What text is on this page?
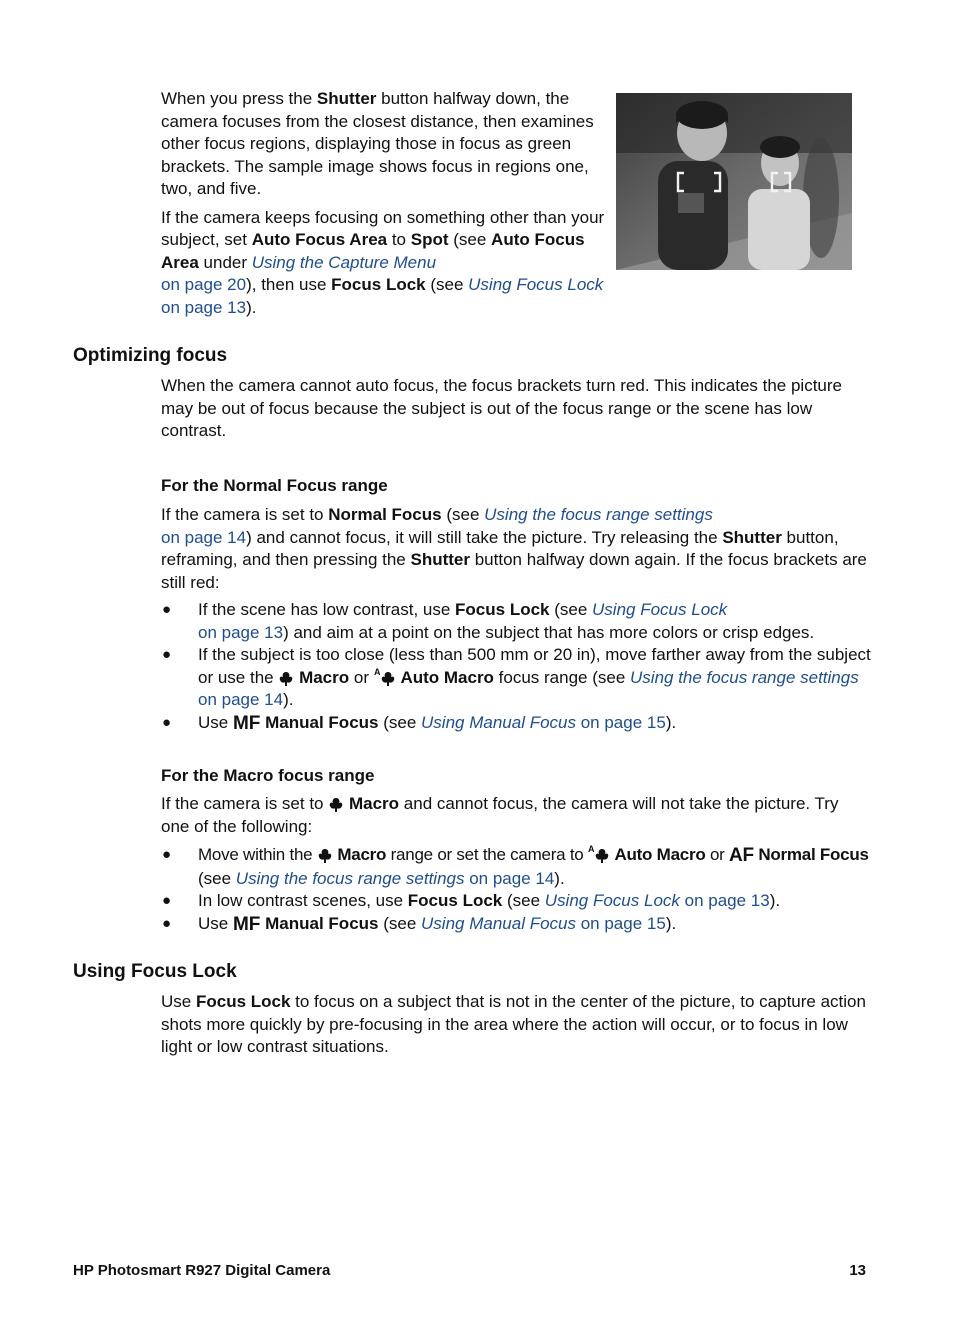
When you press the Shutter button halfway down, the camera focuses from the closest distance, then examines other focus regions, displaying those in focus as green brackets. The sample image shows focus in regions one, two, and five.

If the camera keeps focusing on something other than your subject, set Auto Focus Area to Spot (see Auto Focus Area under Using the Capture Menu
on page 20), then use Focus Lock (see Using Focus Lock on page 13).

Optimizing focus

When the camera cannot auto focus, the focus brackets turn red. This indicates the picture may be out of focus because the subject is out of the focus range or the scene has low contrast.

For the Normal Focus range

If the camera is set to Normal Focus (see Using the focus range settings
on page 14) and cannot focus, it will still take the picture. Try releasing the Shutter button, reframing, and then pressing the Shutter button halfway down again. If the focus brackets are still red:

● If the scene has low contrast, use Focus Lock (see Using Focus Lock
on page 13) and aim at a point on the subject that has more colors or crisp edges.
● If the subject is too close (less than 500 mm or 20 in), move farther away from the subject or use the  Macro or A Auto Macro focus range (see Using the focus range settings on page 14).
● Use MF Manual Focus (see Using Manual Focus on page 15).
For the Macro focus range

If the camera is set to  Macro and cannot focus, the camera will not take the picture. Try one of the following:

● Move within the  Macro range or set the camera to A Auto Macro or AF Normal Focus (see Using the focus range settings on page 14).
● In low contrast scenes, use Focus Lock (see Using Focus Lock on page 13).
● Use MF Manual Focus (see Using Manual Focus on page 15).
Using Focus Lock

Use Focus Lock to focus on a subject that is not in the center of the picture, to capture action shots more quickly by pre-focusing in the area where the action will occur, or to focus in low light or low contrast situations.

HP Photosmart R927 Digital Camera	13
